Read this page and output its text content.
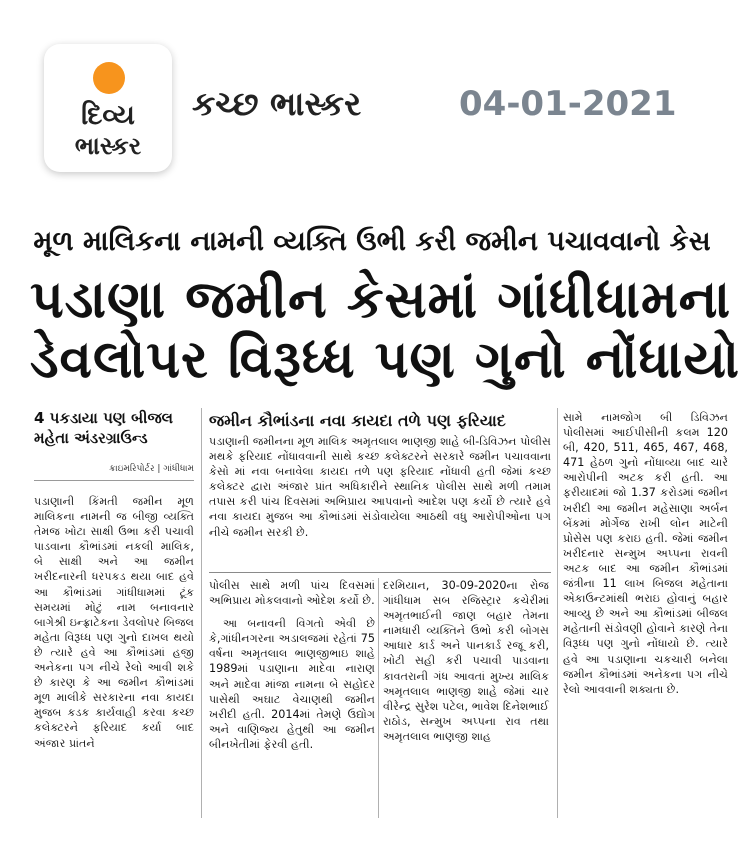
દિવ્ય
ભાસ્કર
કચ્છ ભાસ્કર	04-01-2021
મૂળ માલિકના નામની વ્યક્તિ ઉભી કરી જમીન પચાવવાનો કેસ
પડાણા જમીન કેસમાં ગાંધીધામના
ડેવલોપર વિરૂધ્ધ પણ ગુનો નોંધાયો
4 પકડાયા પણ બીજલ મહેતા અંડરગ્રાઉન્ડ
ક્રાઇમરિપોર્ટર | ગાંધીધામ

પડાણાની કિંમતી જમીન મૂળ માલિકના નામની જ બીજી વ્યક્તિ તેમજ ખોટા સાક્ષી ઉભા કરી પચાવી પાડવાના કૌભાંડમાં નકલી માલિક, બે સાક્ષી અને આ જમીન ખરીદનારની ધરપકડ થયા બાદ હવે આ કૌભાંડમાં ગાંધીધામમાં ટૂંક સમયમાં મોટું નામ બનાવનાર બાગેશ્રી ઇન્ફ્રાટેકના ડેવલોપર બિજલ મહેતા વિરૂધ્ધ પણ ગુનો દાખલ થયો છે ત્યારે હવે આ કૌભાંડમાં હજી અનેકના પગ નીચે રેલો આવી શકે છે કારણ કે આ જમીન કૌભાંડમાં મૂળ માલીકે સરકારના નવા કાયદા મુજબ કડક કાર્યવાહી કરવા કચ્છ કલેક્ટરને ફરિયાદ કર્યા બાદ અંજાર પ્રાંતને

જમીન કૌભાંડના નવા કાયદા તળે પણ ફરિયાદ

પડાણાની જમીનના મૂળ માલિક અમૃતલાલ ભાણજી શાહે બી-ડિવિઝન પોલીસ મથકે ફરિયાદ નોંધાવવાની સાથે કચ્છ કલેક્ટરને સરકારે જમીન પચાવવાના કેસો માં નવા બનાવેલા કાયદા તળે પણ ફરિયાદ નોંધાવી હતી જેમાં કચ્છ કલેક્ટર દ્વારા અંજાર પ્રાંત અધિકારીને સ્થાનિક પોલીસ સાથે મળી તમામ તપાસ કરી પાંચ દિવસમાં અભિપ્રાય આપવાનો આદેશ પણ કર્યો છે ત્યારે હવે નવા કાયદા મુજબ આ કૌભાંડમાં સંડોવાયેલા આઠથી વધુ આરોપીઓના પગ નીચે જમીન સરકી છે.

પોલીસ સાથે મળી પાંચ દિવસમાં અભિપ્રાય મોકલવાનો ઓદેશ કર્યો છે.

આ બનાવની વિગતો એવી છે કે,ગાંધીનગરના અડાલજમાં રહેતાં 75 વર્ષના અમૃતલાલ ભાણજીભાઇ શાહે 1989માં પડાણાના માદેવા નારાણ અને માદેવા માંજા નામના બે સહોદર પાસેથી અઘાટ વેચાણથી જમીન ખરીદી હતી. 2014માં તેમણે ઉદ્યોગ અને વાણિજ્ય હેતુથી આ જમીન બીનખેતીમાં ફેરવી હતી.

દરમિયાન, 30-09-2020ના રોજ ગાંધીધામ સબ રજિસ્ટ્રાર કચેરીમાં અમૃતભાઈની જાણ બહાર તેમના નામધારી વ્યક્તિને ઉભો કરી બોગસ આધાર કાર્ડ અને પાનકાર્ડ રજૂ કરી, ખોટી સહી કરી પચાવી પાડવાના કાવતરાની ગંધ આવતાં મુખ્ય માલિક અમૃતલાલ ભાણજી શાહે જેમાં ચાર વીરેન્દ્ર સુરેશ પટેલ, ભાવેશ દિનેશભાઈ રાઠોડ, સન્મુખ અપ્પના રાવ તથા અમૃતલાલ ભાણજી શાહ

સામે નામજોગ બી ડિવિઝન પોલીસમાં આઈપીસીની કલમ 120 બી, 420, 511, 465, 467, 468, 471 હેઠળ ગુનો નોંધાવ્યા બાદ ચારે આરોપીની અટક કરી હતી. આ ફરીયાદમાં જો 1.37 કરોડમાં જમીન ખરીદી આ જમીન મહેસાણા અર્બન બેંકમાં મોર્ગેજ રાખી લોન માટેની પ્રોસેસ પણ કરાઇ હતી. જેમાં જમીન ખરીદનાર સન્મુખ અપ્પના રાવની અટક બાદ આ જમીન કૌભાંડમાં જંત્રીના 11 લાખ બિજલ મહેતાના એકાઉન્ટમાંથી ભરાઇ હોવાનું બહાર આવ્યુ છે અને આ કૌભાંડમાં બીજલ મહેતાની સંડોવણી હોવાને કારણે તેના વિરૂધ્ધ પણ ગુનો નોંધાયો છે. ત્યારે હવે આ પડાણાના ચકચારી બનેલા જમીન કૌભાંડમાં અનેકના પગ નીચે રેલો આવવાની શક્યતા છે.
